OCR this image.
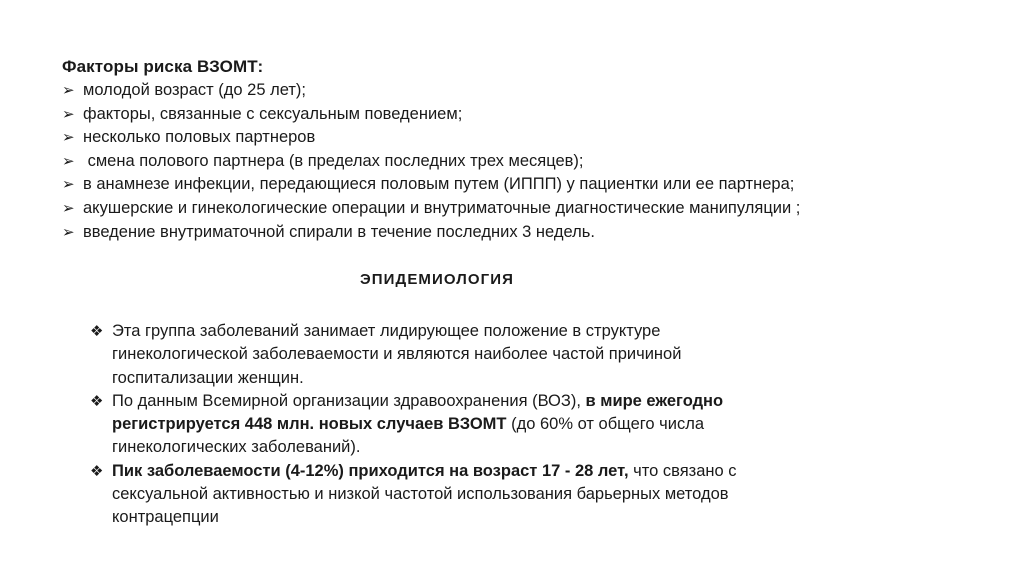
Факторы риска ВЗОМТ:
➢ молодой возраст (до 25 лет);
➢ факторы, связанные с сексуальным поведением;
➢ несколько половых партнеров
➢ смена полового партнера (в пределах последних трех месяцев);
➢ в анамнезе инфекции, передающиеся половым путем (ИППП) у пациентки или ее партнера;
➢ акушерские и гинекологические операции и внутриматочные диагностические манипуляции ;
➢ введение внутриматочной спирали в течение последних 3 недель.
ЭПИДЕМИОЛОГИЯ
❖ Эта группа заболеваний занимает лидирующее положение в структуре
гинекологической заболеваемости и являются наиболее частой причиной
госпитализации женщин.
❖ По данным Всемирной организации здравоохранения (ВОЗ), в мире ежегодно
регистрируется 448 млн. новых случаев ВЗОМТ (до 60% от общего числа
гинекологических заболеваний).
❖ Пик заболеваемости (4-12%) приходится на возраст 17 - 28 лет, что связано с
сексуальной активностью и низкой частотой использования барьерных методов
контрацепции
